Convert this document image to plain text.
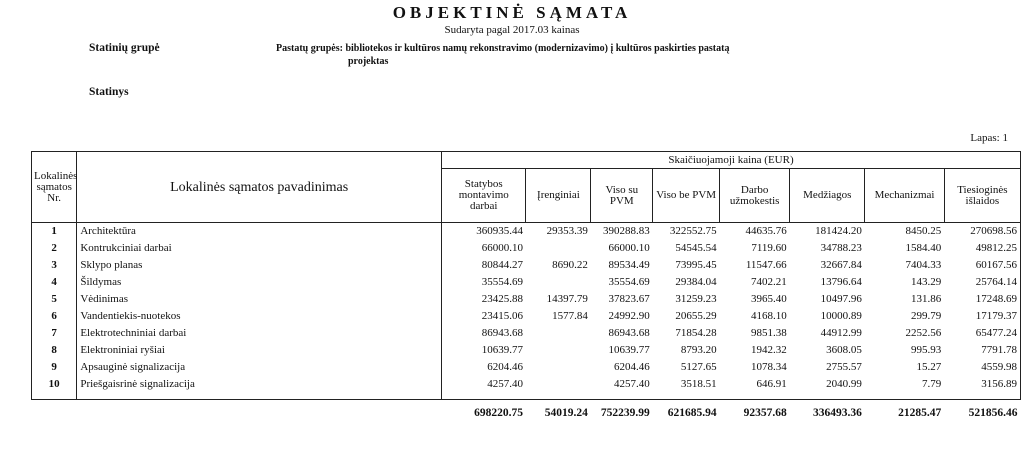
OBJEKTINĖ SĄMATA
Sudaryta pagal 2017.03 kainas
Statinių grupė	Pastatų grupės: bibliotekos ir kultūros namų rekonstravimo (modernizavimo) į kultūros paskirties pastatą
projektas
Statinys
Lapas: 1
Lokalinės sąmatos Nr.	Lokalinės sąmatos pavadinimas	Skaičiuojamoji kaina (EUR)							
		Statybos montavimo darbai	Įrenginiai	Viso su PVM	Viso be PVM	Darbo užmokestis	Medžiagos	Mechanizmai	Tiesioginės išlaidos
1	Architektūra	360935.44	29353.39	390288.83	322552.75	44635.76	181424.20	8450.25	270698.56
2	Kontrukciniai darbai	66000.10		66000.10	54545.54	7119.60	34788.23	1584.40	49812.25
3	Sklypo planas	80844.27	8690.22	89534.49	73995.45	11547.66	32667.84	7404.33	60167.56
4	Šildymas	35554.69		35554.69	29384.04	7402.21	13796.64	143.29	25764.14
5	Vėdinimas	23425.88	14397.79	37823.67	31259.23	3965.40	10497.96	131.86	17248.69
6	Vandentiekis-nuotekos	23415.06	1577.84	24992.90	20655.29	4168.10	10000.89	299.79	17179.37
7	Elektrotechniniai darbai	86943.68		86943.68	71854.28	9851.38	44912.99	2252.56	65477.24
8	Elektroniniai ryšiai	10639.77		10639.77	8793.20	1942.32	3608.05	995.93	7791.78
9	Apsauginė signalizacija	6204.46		6204.46	5127.65	1078.34	2755.57	15.27	4559.98
10	Priešgaisrinė signalizacija	4257.40		4257.40	3518.51	646.91	2040.99	7.79	3156.89

		698220.75	54019.24	752239.99	621685.94	92357.68	336493.36	21285.47	521856.46
